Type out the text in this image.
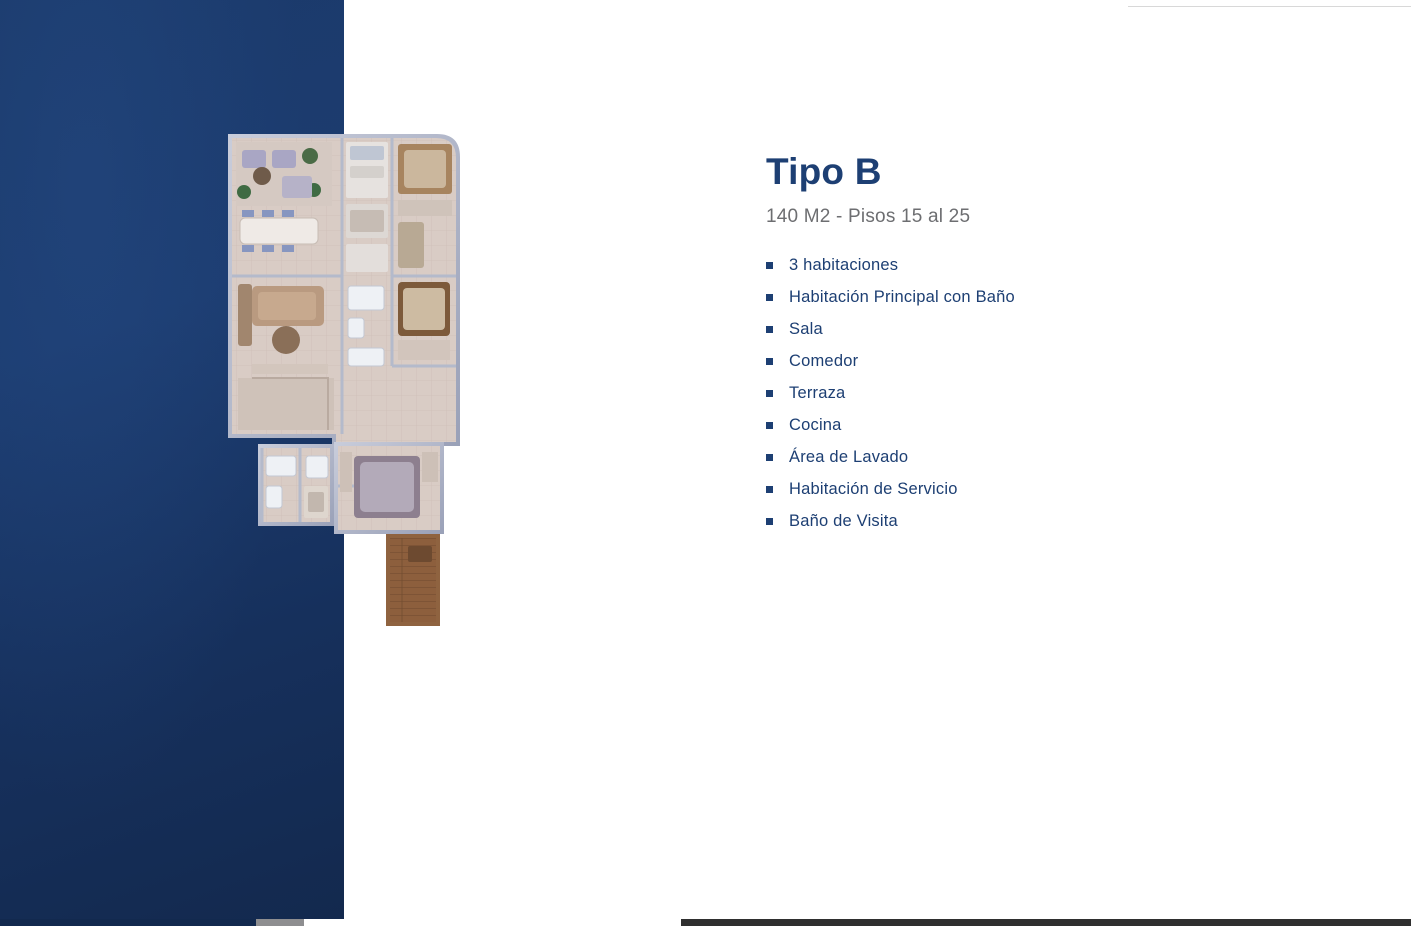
Tipo B
140 M2 - Pisos 15 al 25
3 habitaciones
Habitación Principal con Baño
Sala
Comedor
Terraza
Cocina
Área de Lavado
Habitación de Servicio
Baño de Visita
